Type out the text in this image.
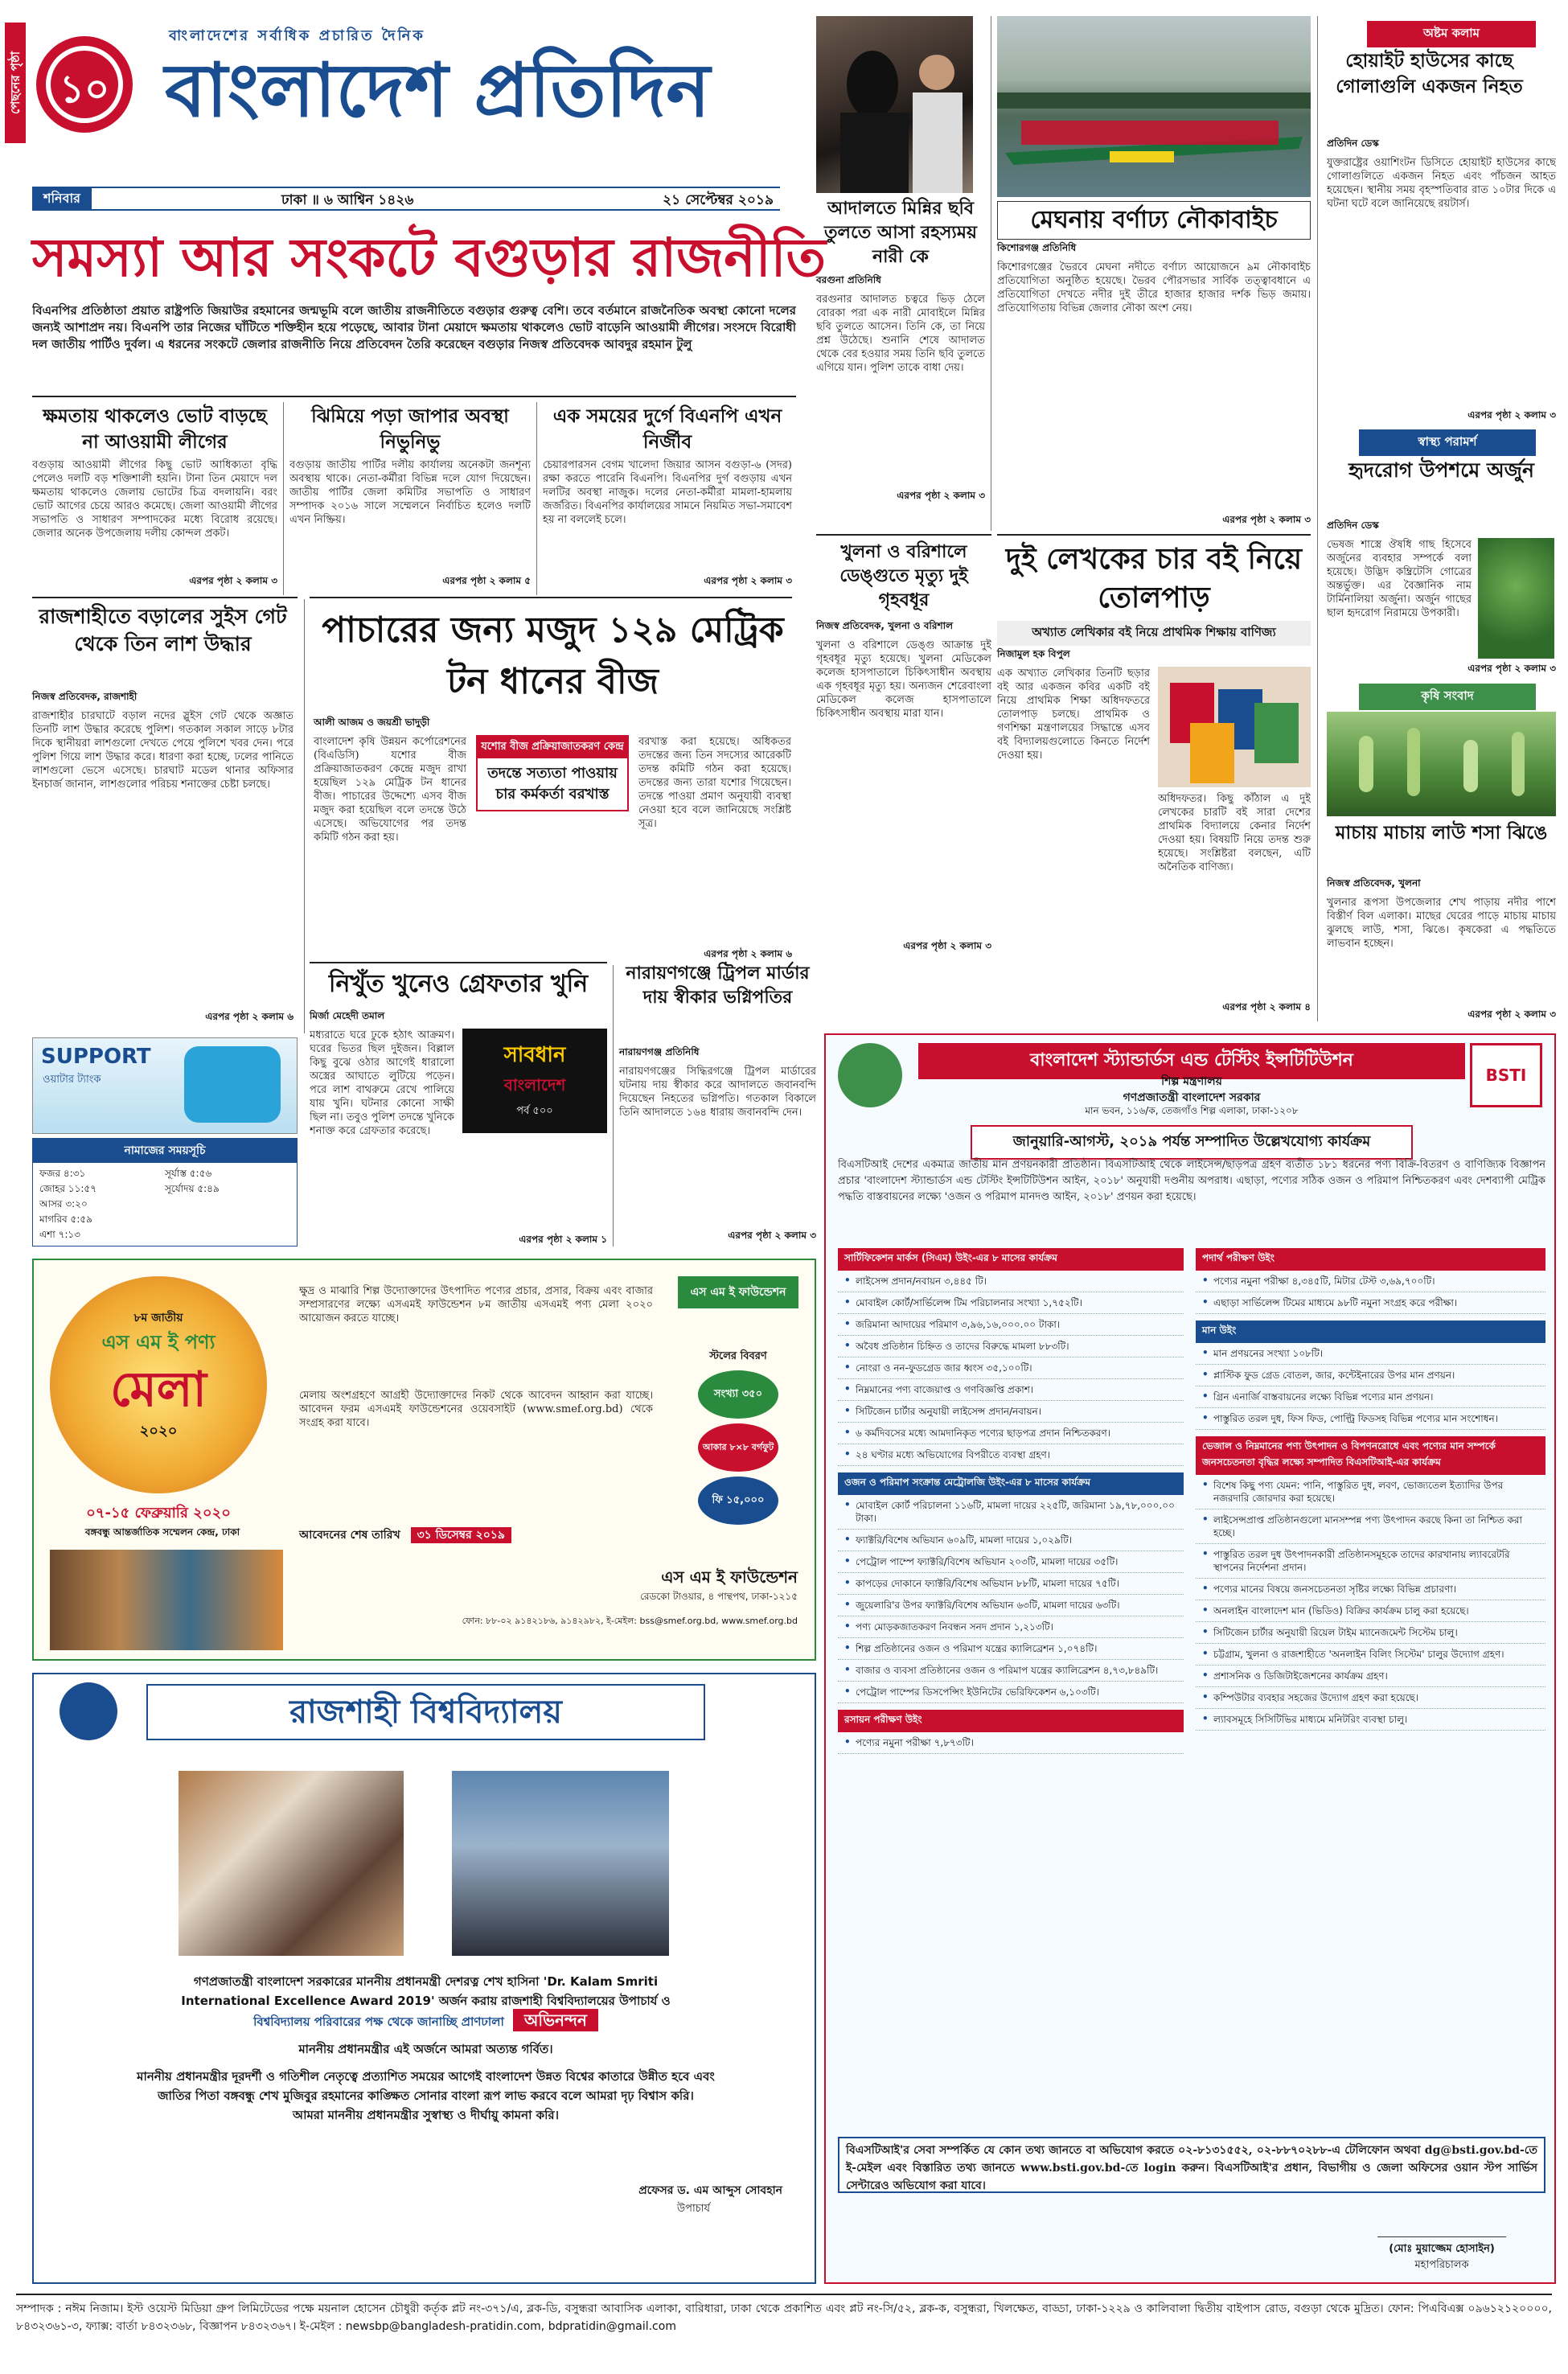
পেছনের পৃষ্ঠা ১০
বাংলাদেশের সর্বাধিক প্রচারিত দৈনিক
বাংলাদেশ প্রতিদিন
শনিবার	ঢাকা ॥ ৬ আশ্বিন ১৪২৬	২১ সেপ্টেম্বর ২০১৯
সমস্যা আর সংকটে বগুড়ার রাজনীতি
বিএনপির প্রতিষ্ঠাতা প্রয়াত রাষ্ট্রপতি জিয়াউর রহমানের জন্মভূমি বলে জাতীয় রাজনীতিতে বগুড়ার গুরুত্ব বেশি। তবে বর্তমানে রাজনৈতিক অবস্থা কোনো দলের জন্যই আশাপ্রদ নয়। বিএনপি তার নিজের ঘাঁটিতে শক্তিহীন হয়ে পড়েছে, আবার টানা মেয়াদে ক্ষমতায় থাকলেও ভোট বাড়েনি আওয়ামী লীগের। সংসদে বিরোধী দল জাতীয় পার্টিও দুর্বল। এ ধরনের সংকটে জেলার রাজনীতি নিয়ে প্রতিবেদন তৈরি করেছেন বগুড়ার নিজস্ব প্রতিবেদক আবদুর রহমান টুলু
ক্ষমতায় থাকলেও ভোট বাড়ছে না আওয়ামী লীগের
ঝিমিয়ে পড়া জাপার অবস্থা নিভুনিভু
এক সময়ের দুর্গে বিএনপি এখন নির্জীব
বগুড়ায় আওয়ামী লীগের কিছু ভোট আধিক্যতা বৃদ্ধি পেলেও দলটি বড় শক্তিশালী হয়নি। টানা তিন মেয়াদে দল ক্ষমতায় থাকলেও জেলায় ভোটের চিত্র বদলায়নি। বরং ভোট আগের চেয়ে আরও কমেছে। জেলা আওয়ামী লীগের সভাপতি ও সাধারণ সম্পাদকের মধ্যে বিরোধ রয়েছে। জেলার অনেক উপজেলায় দলীয় কোন্দল প্রকট।
এরপর পৃষ্ঠা ২ কলাম ৩
বগুড়ায় জাতীয় পার্টির দলীয় কার্যালয় অনেকটা জনশূন্য অবস্থায় থাকে। নেতা-কর্মীরা বিভিন্ন দলে যোগ দিয়েছেন। জাতীয় পার্টির জেলা কমিটির সভাপতি ও সাধারণ সম্পাদক ২০১৬ সালে সম্মেলনে নির্বাচিত হলেও দলটি এখন নিষ্ক্রিয়।
এরপর পৃষ্ঠা ২ কলাম ৫
চেয়ারপারসন বেগম খালেদা জিয়ার আসন বগুড়া-৬ (সদর) রক্ষা করতে পারেনি বিএনপি। বিএনপির দুর্গ বগুড়ায় এখন দলটির অবস্থা নাজুক। দলের নেতা-কর্মীরা মামলা-হামলায় জর্জরিত। বিএনপির কার্যালয়ের সামনে নিয়মিত সভা-সমাবেশ হয় না বললেই চলে।
এরপর পৃষ্ঠা ২ কলাম ৩
রাজশাহীতে বড়ালের সুইস গেট থেকে তিন লাশ উদ্ধার
নিজস্ব প্রতিবেদক, রাজশাহী
রাজশাহীর চারঘাটে বড়াল নদের স্লুইস গেট থেকে অজ্ঞাত তিনটি লাশ উদ্ধার করেছে পুলিশ। গতকাল সকাল সাড়ে ৮টার দিকে স্থানীয়রা লাশগুলো দেখতে পেয়ে পুলিশে খবর দেন। পরে পুলিশ গিয়ে লাশ উদ্ধার করে। ধারণা করা হচ্ছে, ঢলের পানিতে লাশগুলো ভেসে এসেছে। চারঘাট মডেল থানার অফিসার ইনচার্জ জানান, লাশগুলোর পরিচয় শনাক্তের চেষ্টা চলছে।
এরপর পৃষ্ঠা ২ কলাম ৬
পাচারের জন্য মজুদ ১২৯ মেট্রিক টন ধানের বীজ
আলী আজম ও জয়শ্রী ভাদুড়ী
বাংলাদেশ কৃষি উন্নয়ন কর্পোরেশনের (বিএডিসি) যশোর বীজ প্রক্রিয়াজাতকরণ কেন্দ্রে মজুদ রাখা হয়েছিল ১২৯ মেট্রিক টন ধানের বীজ। পাচারের উদ্দেশ্যে এসব বীজ মজুদ করা হয়েছিল বলে তদন্তে উঠে এসেছে। অভিযোগের পর তদন্ত কমিটি গঠন করা হয়।
যশোর বীজ প্রক্রিয়াজাতকরণ কেন্দ্র
তদন্তে সত্যতা পাওয়ায় চার কর্মকর্তা বরখাস্ত
বরখাস্ত করা হয়েছে। অধিকতর তদন্তের জন্য তিন সদস্যের আরেকটি তদন্ত কমিটি গঠন করা হয়েছে। তদন্তের জন্য তারা যশোর গিয়েছেন। তদন্তে পাওয়া প্রমাণ অনুযায়ী ব্যবস্থা নেওয়া হবে বলে জানিয়েছে সংশ্লিষ্ট সূত্র।
এরপর পৃষ্ঠা ২ কলাম ৬
নিখুঁত খুনেও গ্রেফতার খুনি
মির্জা মেহেদী তমাল
মধ্যরাতে ঘরে ঢুকে হঠাৎ আক্রমণ। ঘরের ভিতর ছিল দুইজন। বিল্লাল কিছু বুঝে ওঠার আগেই ধারালো অস্ত্রের আঘাতে লুটিয়ে পড়েন। পরে লাশ বাথরুমে রেখে পালিয়ে যায় খুনি। ঘটনার কোনো সাক্ষী ছিল না। তবুও পুলিশ তদন্তে খুনিকে শনাক্ত করে গ্রেফতার করেছে।
সাবধান
বাংলাদেশ
পর্ব ৫০০
এরপর পৃষ্ঠা ২ কলাম ১
নারায়ণগঞ্জে ট্রিপল মার্ডার দায় স্বীকার ভগ্নিপতির
নারায়ণগঞ্জ প্রতিনিধি
নারায়ণগঞ্জের সিদ্ধিরগঞ্জে ট্রিপল মার্ডারের ঘটনায় দায় স্বীকার করে আদালতে জবানবন্দি দিয়েছেন নিহতের ভগ্নিপতি। গতকাল বিকালে তিনি আদালতে ১৬৪ ধারায় জবানবন্দি দেন।
এরপর পৃষ্ঠা ২ কলাম ৩
আদালতে মিন্নির ছবি তুলতে আসা রহস্যময় নারী কে
বরগুনা প্রতিনিধি
বরগুনার আদালত চত্বরে ভিড় ঠেলে বোরকা পরা এক নারী মোবাইলে মিন্নির ছবি তুলতে আসেন। তিনি কে, তা নিয়ে প্রশ্ন উঠেছে। শুনানি শেষে আদালত থেকে বের হওয়ার সময় তিনি ছবি তুলতে এগিয়ে যান। পুলিশ তাকে বাধা দেয়।
এরপর পৃষ্ঠা ২ কলাম ৩
মেঘনায় বর্ণাঢ্য নৌকাবাইচ
কিশোরগঞ্জ প্রতিনিধি
কিশোরগঞ্জের ভৈরবে মেঘনা নদীতে বর্ণাঢ্য আয়োজনে ৯ম নৌকাবাইচ প্রতিযোগিতা অনুষ্ঠিত হয়েছে। ভৈরব পৌরসভার সার্বিক তত্ত্বাবধানে এ প্রতিযোগিতা দেখতে নদীর দুই তীরে হাজার হাজার দর্শক ভিড় জমায়। প্রতিযোগিতায় বিভিন্ন জেলার নৌকা অংশ নেয়।
এরপর পৃষ্ঠা ২ কলাম ৩
খুলনা ও বরিশালে ডেঙ্গুতে মৃত্যু দুই গৃহবধূর
নিজস্ব প্রতিবেদক, খুলনা ও বরিশাল
খুলনা ও বরিশালে ডেঙ্গু আক্রান্ত দুই গৃহবধূর মৃত্যু হয়েছে। খুলনা মেডিকেল কলেজ হাসপাতালে চিকিৎসাধীন অবস্থায় এক গৃহবধূর মৃত্যু হয়। অন্যজন শেরেবাংলা মেডিকেল কলেজ হাসপাতালে চিকিৎসাধীন অবস্থায় মারা যান।
এরপর পৃষ্ঠা ২ কলাম ৩
দুই লেখকের চার বই নিয়ে তোলপাড়
অখ্যাত লেখিকার বই নিয়ে প্রাথমিক শিক্ষায় বাণিজ্য
নিজামুল হক বিপুল
এক অখ্যাত লেখিকার তিনটি ছড়ার বই আর একজন কবির একটি বই নিয়ে প্রাথমিক শিক্ষা অধিদফতরে তোলপাড় চলছে। প্রাথমিক ও গণশিক্ষা মন্ত্রণালয়ের সিদ্ধান্তে এসব বই বিদ্যালয়গুলোতে কিনতে নির্দেশ দেওয়া হয়।
অধিদফতর। কিছু কাঁঠাল এ দুই লেখকের চারটি বই সারা দেশের প্রাথমিক বিদ্যালয়ে কেনার নির্দেশ দেওয়া হয়। বিষয়টি নিয়ে তদন্ত শুরু হয়েছে। সংশ্লিষ্টরা বলছেন, এটি অনৈতিক বাণিজ্য।
এরপর পৃষ্ঠা ২ কলাম ৪
অষ্টম কলাম
হোয়াইট হাউসের কাছে গোলাগুলি একজন নিহত
প্রতিদিন ডেস্ক
যুক্তরাষ্ট্রের ওয়াশিংটন ডিসিতে হোয়াইট হাউসের কাছে গোলাগুলিতে একজন নিহত এবং পাঁচজন আহত হয়েছেন। স্থানীয় সময় বৃহস্পতিবার রাত ১০টার দিকে এ ঘটনা ঘটে বলে জানিয়েছে রয়টার্স।
এরপর পৃষ্ঠা ২ কলাম ৩
স্বাস্থ্য পরামর্শ
হৃদরোগ উপশমে অর্জুন
প্রতিদিন ডেস্ক
ভেষজ শাস্ত্রে ঔষধি গাছ হিসেবে অর্জুনের ব্যবহার সম্পর্কে বলা হয়েছে। উদ্ভিদ কম্ব্রিটেসি গোত্রের অন্তর্ভুক্ত। এর বৈজ্ঞানিক নাম টার্মিনালিয়া অর্জুনা। অর্জুন গাছের ছাল হৃদরোগ নিরাময়ে উপকারী।
এরপর পৃষ্ঠা ২ কলাম ৩
কৃষি সংবাদ
মাচায় মাচায় লাউ শসা ঝিঙে
নিজস্ব প্রতিবেদক, খুলনা
খুলনার রূপসা উপজেলার শেখ পাড়ায় নদীর পাশে বিস্তীর্ণ বিল এলাকা। মাছের ঘেরের পাড়ে মাচায় মাচায় ঝুলছে লাউ, শসা, ঝিঙে। কৃষকেরা এ পদ্ধতিতে লাভবান হচ্ছেন।
এরপর পৃষ্ঠা ২ কলাম ৩
SUPPORT
ওয়াটার ট্যাংক
নামাজের সময়সূচি
ফজর ৪:৩১	সূর্যাস্ত ৫:৫৬
জোহর ১১:৫৭	সূর্যোদয় ৫:৪৯
আসর ৩:২০
মাগরিব ৫:৫৯
এশা ৭:১৩
৮ম জাতীয়
এস এম ই পণ্য
মেলা
২০২০
০৭-১৫ ফেব্রুয়ারি ২০২০
বঙ্গবন্ধু আন্তর্জাতিক সম্মেলন কেন্দ্র, ঢাকা
এস এম ই ফাউন্ডেশন
ক্ষুদ্র ও মাঝারি শিল্প উদ্যোক্তাদের উৎপাদিত পণ্যের প্রচার, প্রসার, বিক্রয় এবং বাজার সম্প্রসারণের লক্ষ্যে এসএমই ফাউন্ডেশন ৮ম জাতীয় এসএমই পণ্য মেলা ২০২০ আয়োজন করতে যাচ্ছে।
মেলায় অংশগ্রহণে আগ্রহী উদ্যোক্তাদের নিকট থেকে আবেদন আহ্বান করা যাচ্ছে। আবেদন ফরম এসএমই ফাউন্ডেশনের ওয়েবসাইট (www.smef.org.bd) থেকে সংগ্রহ করা যাবে।
স্টলের বিবরণ
সংখ্যা ৩৫০
আকার ৮×৮ বর্গফুট
ফি ১৫,০০০
আবেদনের শেষ তারিখ ৩১ ডিসেম্বর ২০১৯
এস এম ই ফাউন্ডেশন
রেডকো টাওয়ার, ৪ পান্থপথ, ঢাকা-১২১৫
ফোন: ৮৮-০২ ৯১৪২১৮৬, ৯১৪২৯৮২, ই-মেইল: bss@smef.org.bd, www.smef.org.bd
রাজশাহী বিশ্ববিদ্যালয়
গণপ্রজাতন্ত্রী বাংলাদেশ সরকারের মাননীয় প্রধানমন্ত্রী দেশরত্ন শেখ হাসিনা 'Dr. Kalam Smriti
International Excellence Award 2019' অর্জন করায় রাজশাহী বিশ্ববিদ্যালয়ের উপাচার্য ও
বিশ্ববিদ্যালয় পরিবারের পক্ষ থেকে জানাচ্ছি প্রাণঢালা অভিনন্দন
মাননীয় প্রধানমন্ত্রীর এই অর্জনে আমরা অত্যন্ত গর্বিত।
মাননীয় প্রধানমন্ত্রীর দূরদর্শী ও গতিশীল নেতৃত্বে প্রত্যাশিত সময়ের আগেই বাংলাদেশ উন্নত বিশ্বের কাতারে উন্নীত হবে এবং
জাতির পিতা বঙ্গবন্ধু শেখ মুজিবুর রহমানের কাঙ্ক্ষিত সোনার বাংলা রূপ লাভ করবে বলে আমরা দৃঢ় বিশ্বাস করি।
আমরা মাননীয় প্রধানমন্ত্রীর সুস্বাস্থ্য ও দীর্ঘায়ু কামনা করি।
প্রফেসর ড. এম আব্দুস সোবহান
উপাচার্য
BSTI
বাংলাদেশ স্ট্যান্ডার্ডস এন্ড টেস্টিং ইন্সটিটিউশন
শিল্প মন্ত্রণালয়
গণপ্রজাতন্ত্রী বাংলাদেশ সরকার
মান ভবন, ১১৬/ক, তেজগাঁও শিল্প এলাকা, ঢাকা-১২০৮
জানুয়ারি-আগস্ট, ২০১৯ পর্যন্ত সম্পাদিত উল্লেখযোগ্য কার্যক্রম
বিএসটিআই দেশের একমাত্র জাতীয় মান প্রণয়নকারী প্রতিষ্ঠান। বিএসটিআই থেকে লাইসেন্স/ছাড়পত্র গ্রহণ ব্যতীত ১৮১ ধরনের পণ্য বিক্রি-বিতরণ ও বাণিজ্যিক বিজ্ঞাপন প্রচার 'বাংলাদেশ স্ট্যান্ডার্ডস এন্ড টেস্টিং ইন্সটিটিউশন আইন, ২০১৮' অনুযায়ী দণ্ডনীয় অপরাধ। এছাড়া, পণ্যের সঠিক ওজন ও পরিমাপ নিশ্চিতকরণ এবং দেশব্যাপী মেট্রিক পদ্ধতি বাস্তবায়নের লক্ষ্যে 'ওজন ও পরিমাপ মানদণ্ড আইন, ২০১৮' প্রণয়ন করা হয়েছে।
সার্টিফিকেশন মার্কস (সিএম) উইং-এর ৮ মাসের কার্যক্রম
• লাইসেন্স প্রদান/নবায়ন ৩,৪৪৫ টি।
• মোবাইল কোর্ট/সার্ভিলেন্স টিম পরিচালনার সংখ্যা ১,৭৫২টি।
• জরিমানা আদায়ের পরিমাণ ৩,৯৬,১৬,০০০.০০ টাকা।
• অবৈধ প্রতিষ্ঠান চিহ্নিত ও তাদের বিরুদ্ধে মামলা ৮৮৩টি।
• নোংরা ও নন-ফুডগ্রেড জার ধ্বংস ৩৫,১০০টি।
• নিম্নমানের পণ্য বাজেয়াপ্ত ও গণবিজ্ঞপ্তি প্রকাশ।
• সিটিজেন চার্টার অনুযায়ী লাইসেন্স প্রদান/নবায়ন।
• ৬ কর্মদিবসের মধ্যে আমদানিকৃত পণ্যের ছাড়পত্র প্রদান নিশ্চিতকরণ।
• ২৪ ঘণ্টার মধ্যে অভিযোগের বিপরীতে ব্যবস্থা গ্রহণ।
ওজন ও পরিমাপ সংক্রান্ত মেট্রোলজি উইং-এর ৮ মাসের কার্যক্রম
• মোবাইল কোর্ট পরিচালনা ১১৬টি, মামলা দায়ের ২২৫টি, জরিমানা ১৯,৭৮,০০০.০০ টাকা।
• ফ্যাক্টরি/বিশেষ অভিযান ৬০৯টি, মামলা দায়ের ১,০২৯টি।
• পেট্রোল পাম্পে ফ্যাক্টরি/বিশেষ অভিযান ২০৩টি, মামলা দায়ের ৩৫টি।
• কাপড়ের দোকানে ফ্যাক্টরি/বিশেষ অভিযান ৮৮টি, মামলা দায়ের ৭৫টি।
• জুয়েলারি'র উপর ফ্যাক্টরি/বিশেষ অভিযান ৬৩টি, মামলা দায়ের ৬৩টি।
• পণ্য মোড়কজাতকরণ নিবন্ধন সনদ প্রদান ১,২১৩টি।
• শিল্প প্রতিষ্ঠানের ওজন ও পরিমাপ যন্ত্রের ক্যালিব্রেশন ১,০৭৪টি।
• বাজার ও ব্যবসা প্রতিষ্ঠানের ওজন ও পরিমাপ যন্ত্রের ক্যালিব্রেশন ৪,৭৩,৮৪৯টি।
• পেট্রোল পাম্পের ডিসপেন্সিং ইউনিটের ভেরিফিকেশন ৬,১০৩টি।
রসায়ন পরীক্ষণ উইং
• পণ্যের নমুনা পরীক্ষা ৭,৮৭৩টি।
পদার্থ পরীক্ষণ উইং
• পণ্যের নমুনা পরীক্ষা ৪,৩৪৫টি, মিটার টেস্ট ৩,৬৯,৭০০টি।
• এছাড়া সার্ভিলেন্স টিমের মাধ্যমে ৯৮টি নমুনা সংগ্রহ করে পরীক্ষা।
মান উইং
• মান প্রণয়নের সংখ্যা ১০৮টি।
• প্লাস্টিক ফুড গ্রেড বোতল, জার, কন্টেইনারের উপর মান প্রণয়ন।
• গ্রিন এনার্জি বাস্তবায়নের লক্ষ্যে বিভিন্ন পণ্যের মান প্রণয়ন।
• পাস্তুরিত তরল দুধ, ফিস ফিড, পোল্ট্রি ফিডসহ বিভিন্ন পণ্যের মান সংশোধন।
ভেজাল ও নিম্নমানের পণ্য উৎপাদন ও বিপণনরোধে এবং পণ্যের মান সম্পর্কে জনসচেতনতা বৃদ্ধির লক্ষ্যে সম্পাদিত বিএসটিআই-এর কার্যক্রম
• বিশেষ কিছু পণ্য যেমন: পানি, পাস্তুরিত দুধ, লবণ, ভোজ্যতেল ইত্যাদির উপর নজরদারি জোরদার করা হয়েছে।
• লাইসেন্সপ্রাপ্ত প্রতিষ্ঠানগুলো মানসম্পন্ন পণ্য উৎপাদন করছে কিনা তা নিশ্চিত করা হচ্ছে।
• পাস্তুরিত তরল দুধ উৎপাদনকারী প্রতিষ্ঠানসমূহকে তাদের কারখানায় ল্যাবরেটরি স্থাপনের নির্দেশনা প্রদান।
• পণ্যের মানের বিষয়ে জনসচেতনতা সৃষ্টির লক্ষ্যে বিভিন্ন প্রচারণা।
• অনলাইন বাংলাদেশ মান (ভিডিও) বিক্রির কার্যক্রম চালু করা হয়েছে।
• সিটিজেন চার্টার অনুযায়ী রিয়েল টাইম ম্যানেজমেন্ট সিস্টেম চালু।
• চট্টগ্রাম, খুলনা ও রাজশাহীতে 'অনলাইন বিলিং সিস্টেম' চালুর উদ্যোগ গ্রহণ।
• প্রশাসনিক ও ডিজিটাইজেশনের কার্যক্রম গ্রহণ।
• কম্পিউটার ব্যবহার সহজের উদ্যোগ গ্রহণ করা হয়েছে।
• ল্যাবসমূহে সিসিটিভির মাধ্যমে মনিটরিং ব্যবস্থা চালু।
বিএসটিআই'র সেবা সম্পর্কিত যে কোন তথ্য জানতে বা অভিযোগ করতে ০২-৮১৩১৫৫২, ০২-৮৮৭০২৮৮-এ টেলিফোন অথবা dg@bsti.gov.bd-তে ই-মেইল এবং বিস্তারিত তথ্য জানতে www.bsti.gov.bd-তে login করুন। বিএসটিআই'র প্রধান, বিভাগীয় ও জেলা অফিসের ওয়ান স্টপ সার্ভিস সেন্টারেও অভিযোগ করা যাবে।
(মোঃ মুয়াজ্জেম হোসাইন)
মহাপরিচালক
সম্পাদক : নঈম নিজাম। ইস্ট ওয়েস্ট মিডিয়া গ্রুপ লিমিটেডের পক্ষে ময়নাল হোসেন চৌধুরী কর্তৃক প্লট নং-৩৭১/এ, ব্লক-ডি, বসুন্ধরা আবাসিক এলাকা, বারিধারা, ঢাকা থেকে প্রকাশিত এবং প্লট নং-সি/৫২, ব্লক-ক, বসুন্ধরা, খিলক্ষেত, বাড্ডা, ঢাকা-১২২৯ ও কালিবালা দ্বিতীয় বাইপাস রোড, বগুড়া থেকে মুদ্রিত। ফোন: পিএবিএক্স ০৯৬১২১২০০০০, ৮৪৩২৩৬১-৩, ফ্যাক্স: বার্তা ৮৪৩২৩৬৮, বিজ্ঞাপন ৮৪৩২৩৬৭। ই-মেইল : newsbp@bangladesh-pratidin.com, bdpratidin@gmail.com
